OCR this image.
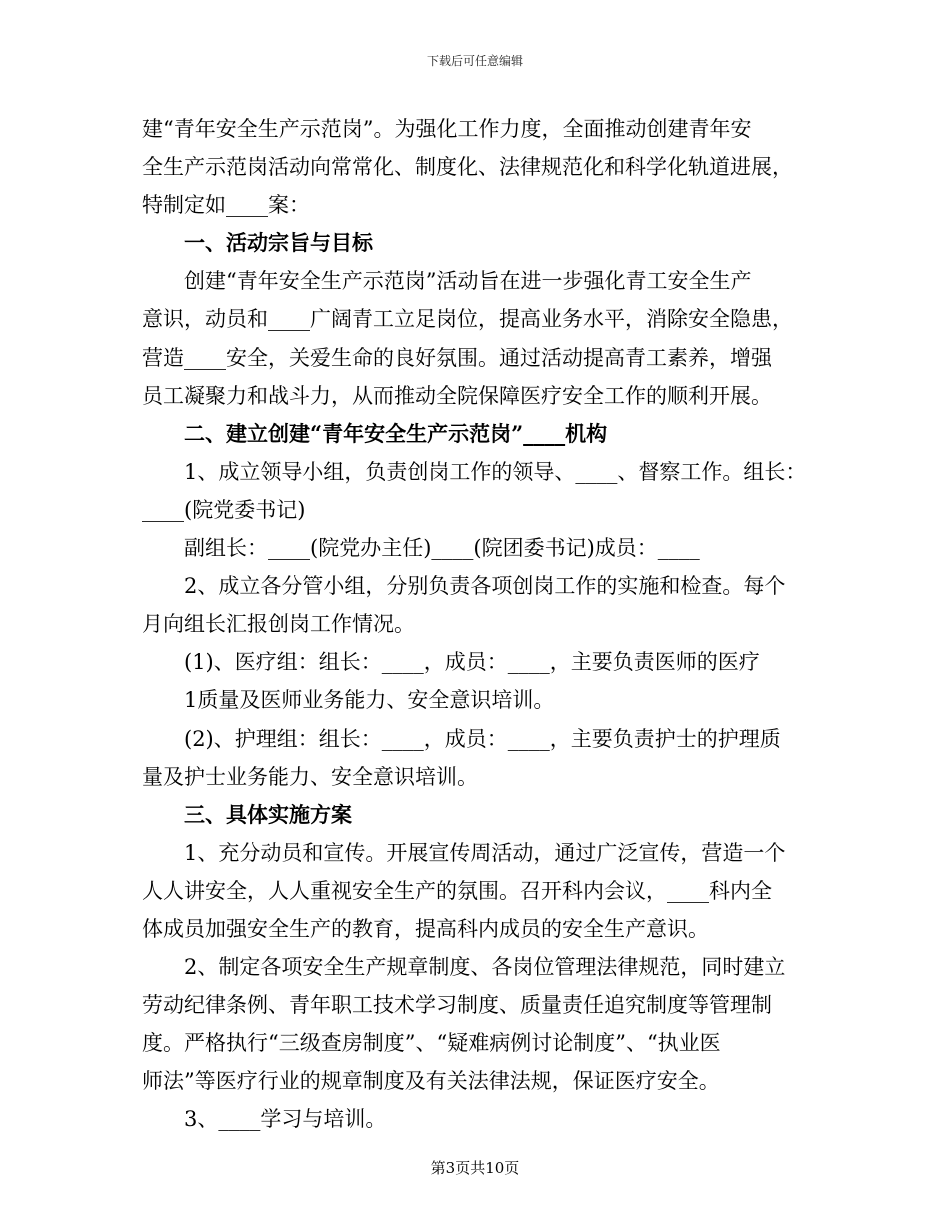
下载后可任意编辑
建“青年安全生产示范岗”。为强化工作力度，全面推动创建青年安
全生产示范岗活动向常常化、制度化、法律规范化和科学化轨道进展，
特制定如____案：
一、活动宗旨与目标
创建“青年安全生产示范岗”活动旨在进一步强化青工安全生产
意识，动员和____广阔青工立足岗位，提高业务水平，消除安全隐患，
营造____安全，关爱生命的良好氛围。通过活动提高青工素养，增强
员工凝聚力和战斗力，从而推动全院保障医疗安全工作的顺利开展。
二、建立创建“青年安全生产示范岗”____机构
1、成立领导小组，负责创岗工作的领导、____、督察工作。组长：
____(院党委书记)
副组长：____(院党办主任)____(院团委书记)成员：____
2、成立各分管小组，分别负责各项创岗工作的实施和检查。每个
月向组长汇报创岗工作情况。
(1)、医疗组：组长：____，成员：____，主要负责医师的医疗
1质量及医师业务能力、安全意识培训。
(2)、护理组：组长：____，成员：____，主要负责护士的护理质
量及护士业务能力、安全意识培训。
三、具体实施方案
1、充分动员和宣传。开展宣传周活动，通过广泛宣传，营造一个
人人讲安全，人人重视安全生产的氛围。召开科内会议，____科内全
体成员加强安全生产的教育，提高科内成员的安全生产意识。
2、制定各项安全生产规章制度、各岗位管理法律规范，同时建立
劳动纪律条例、青年职工技术学习制度、质量责任追究制度等管理制
度。严格执行“三级查房制度”、“疑难病例讨论制度”、“执业医
师法”等医疗行业的规章制度及有关法律法规，保证医疗安全。
3、____学习与培训。
第3页共10页
